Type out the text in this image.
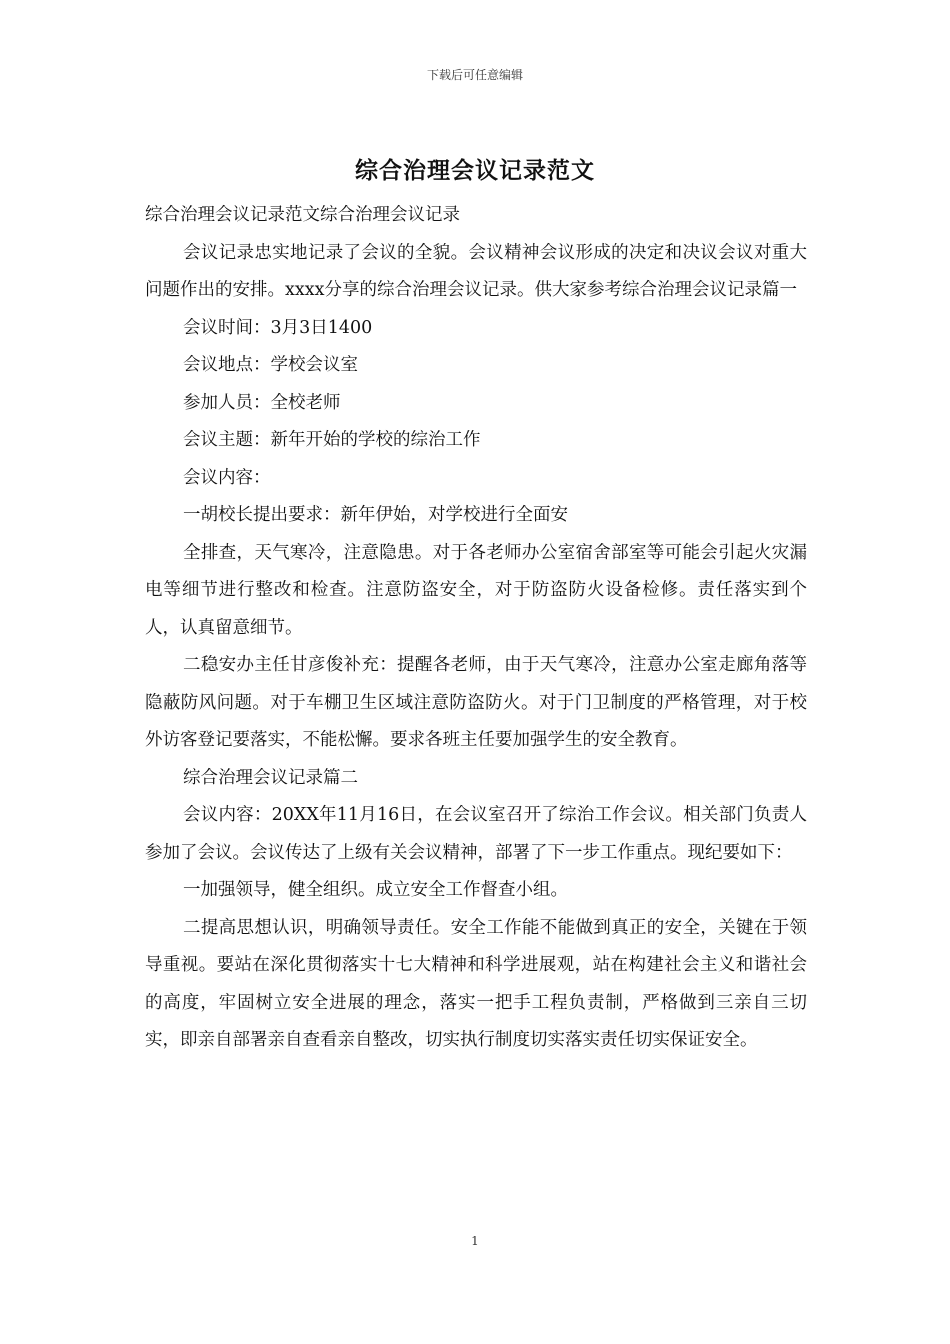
下载后可任意编辑
综合治理会议记录范文

综合治理会议记录范文综合治理会议记录

会议记录忠实地记录了会议的全貌。会议精神会议形成的决定和决议会议对重大问题作出的安排。xxxx分享的综合治理会议记录。供大家参考综合治理会议记录篇一

会议时间：3月3日1400

会议地点：学校会议室

参加人员：全校老师

会议主题：新年开始的学校的综治工作

会议内容：

一胡校长提出要求：新年伊始，对学校进行全面安

全排查，天气寒冷，注意隐患。对于各老师办公室宿舍部室等可能会引起火灾漏电等细节进行整改和检查。注意防盗安全，对于防盗防火设备检修。责任落实到个人，认真留意细节。

二稳安办主任甘彦俊补充：提醒各老师，由于天气寒冷，注意办公室走廊角落等隐蔽防风问题。对于车棚卫生区域注意防盗防火。对于门卫制度的严格管理，对于校外访客登记要落实，不能松懈。要求各班主任要加强学生的安全教育。

综合治理会议记录篇二

会议内容：20XX年11月16日，在会议室召开了综治工作会议。相关部门负责人参加了会议。会议传达了上级有关会议精神，部署了下一步工作重点。现纪要如下：

一加强领导，健全组织。成立安全工作督查小组。

二提高思想认识，明确领导责任。安全工作能不能做到真正的安全，关键在于领导重视。要站在深化贯彻落实十七大精神和科学进展观，站在构建社会主义和谐社会的高度，牢固树立安全进展的理念，落实一把手工程负责制，严格做到三亲自三切实，即亲自部署亲自查看亲自整改，切实执行制度切实落实责任切实保证安全。

1
